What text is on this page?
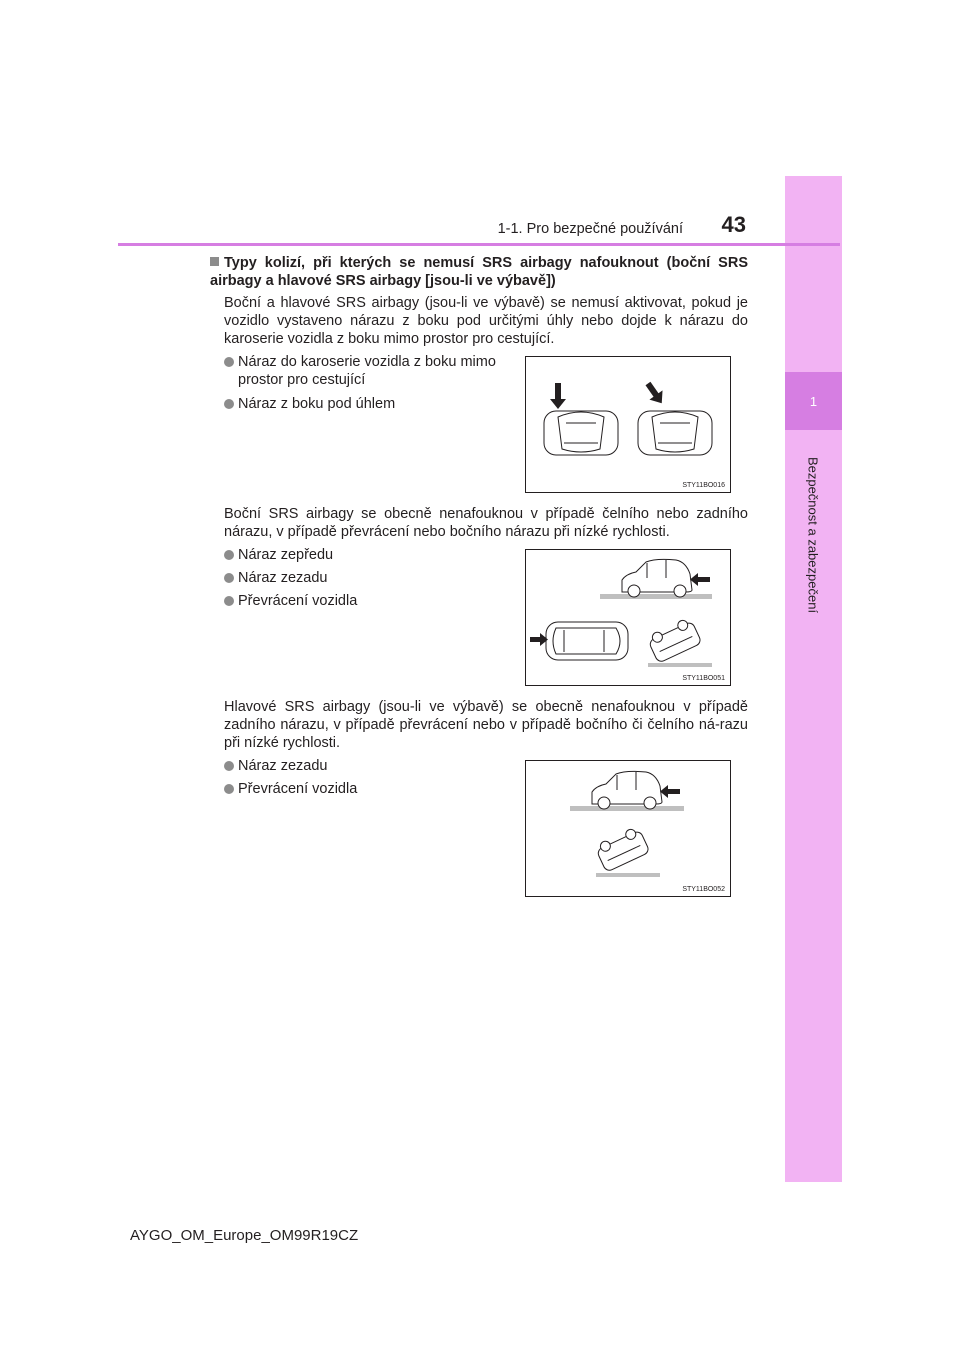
1
Bezpečnost a zabezpečení
1-1. Pro bezpečné používání	43
Typy kolizí, při kterých se nemusí SRS airbagy nafouknout (boční SRS airbagy a hlavové SRS airbagy [jsou-li ve výbavě])
Boční a hlavové SRS airbagy (jsou-li ve výbavě) se nemusí aktivovat, pokud je vozidlo vystaveno nárazu z boku pod určitými úhly nebo dojde k nárazu do karoserie vozidla z boku mimo prostor pro cestující.
Náraz do karoserie vozidla z boku mimo prostor pro cestující
Náraz z boku pod úhlem
STY11BO016
Boční SRS airbagy se obecně nenafouknou v případě čelního nebo zadního nárazu, v případě převrácení nebo bočního nárazu při nízké rychlosti.
Náraz zepředu
Náraz zezadu
Převrácení vozidla
STY11BO051
Hlavové SRS airbagy (jsou-li ve výbavě) se obecně nenafouknou v případě zadního nárazu, v případě převrácení nebo v případě bočního či čelního ná-razu při nízké rychlosti.
Náraz zezadu
Převrácení vozidla
STY11BO052
AYGO_OM_Europe_OM99R19CZ
